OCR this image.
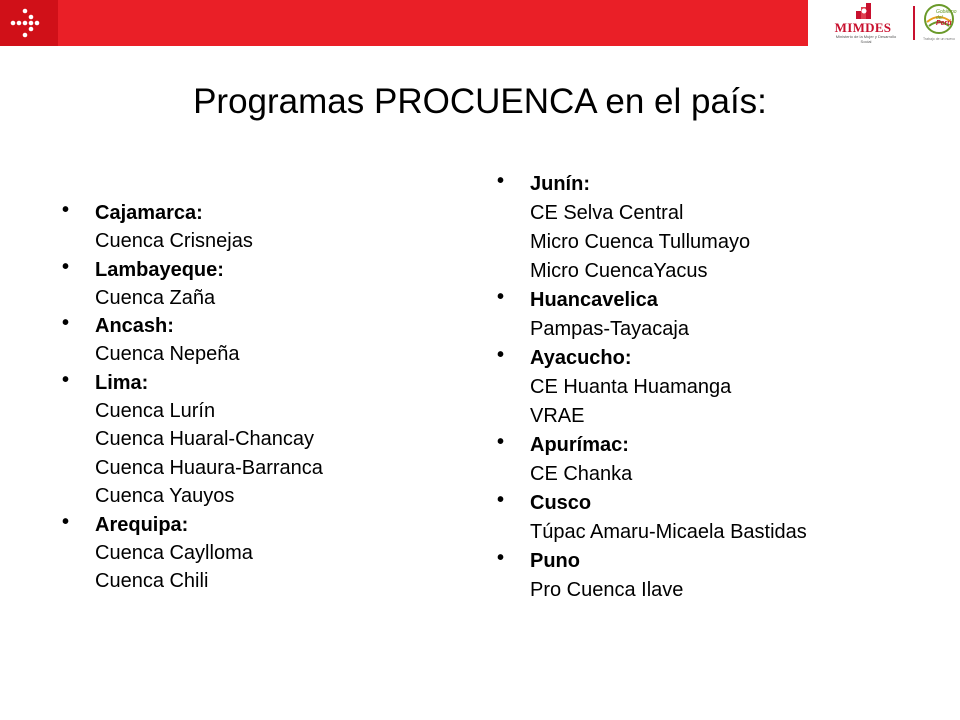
MIMDES
Ministerio de la Mujer y Desarrollo Social
Gobierno del
Perú
Trabajo de un nuevo
Programas PROCUENCA en el país:
• Cajamarca:
Cuenca Crisnejas
• Lambayeque:
Cuenca Zaña
• Ancash:
Cuenca Nepeña
• Lima:
Cuenca Lurín
Cuenca Huaral-Chancay
Cuenca Huaura-Barranca
Cuenca Yauyos
• Arequipa:
Cuenca Caylloma
Cuenca Chili
• Junín:
CE Selva Central
Micro Cuenca Tullumayo
Micro CuencaYacus
• Huancavelica
Pampas-Tayacaja
• Ayacucho:
CE Huanta Huamanga
VRAE
• Apurímac:
CE Chanka
• Cusco
Túpac Amaru-Micaela Bastidas
• Puno
Pro Cuenca Ilave
